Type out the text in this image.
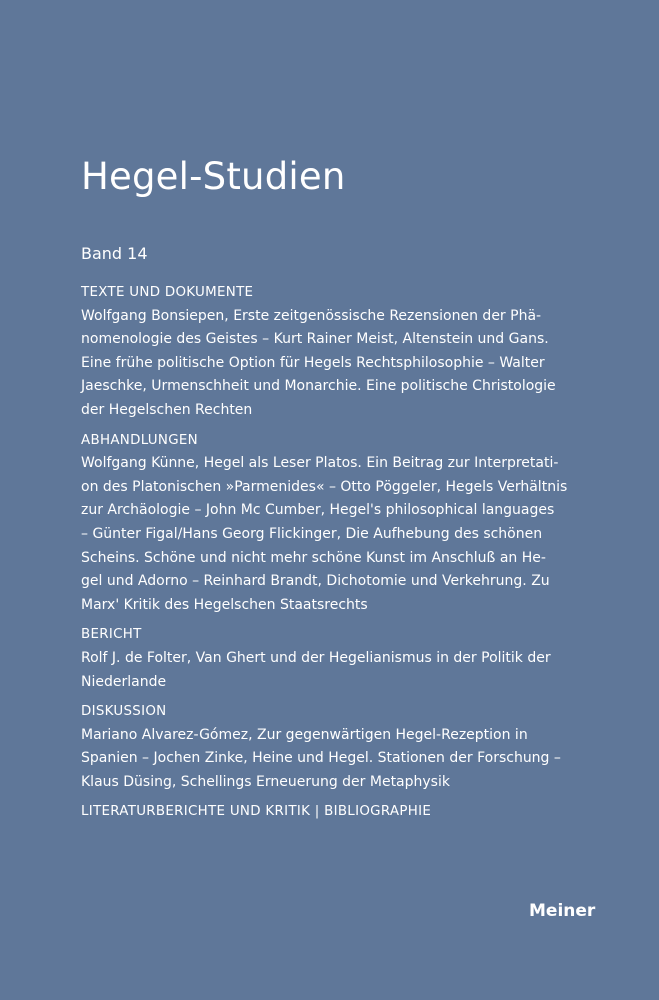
Hegel-Studien
Band 14
TEXTE UND DOKUMENTE
Wolfgang Bonsiepen, Erste zeitgenössische Rezensionen der Phä-
nomenologie des Geistes – Kurt Rainer Meist, Altenstein und Gans.
Eine frühe politische Option für Hegels Rechtsphilosophie – Walter
Jaeschke, Urmenschheit und Monarchie. Eine politische Christologie
der Hegelschen Rechten
ABHANDLUNGEN
Wolfgang Künne, Hegel als Leser Platos. Ein Beitrag zur Interpretati-
on des Platonischen »Parmenides« – Otto Pöggeler, Hegels Verhältnis
zur Archäologie – John Mc Cumber, Hegel's philosophical languages
– Günter Figal/Hans Georg Flickinger, Die Aufhebung des schönen
Scheins. Schöne und nicht mehr schöne Kunst im Anschluß an He-
gel und Adorno – Reinhard Brandt, Dichotomie und Verkehrung. Zu
Marx' Kritik des Hegelschen Staatsrechts
BERICHT
Rolf J. de Folter, Van Ghert und der Hegelianismus in der Politik der
Niederlande
DISKUSSION
Mariano Alvarez-Gómez, Zur gegenwärtigen Hegel-Rezeption in
Spanien – Jochen Zinke, Heine und Hegel. Stationen der Forschung –
Klaus Düsing, Schellings Erneuerung der Metaphysik
LITERATURBERICHTE UND KRITIK | BIBLIOGRAPHIE
Meiner
